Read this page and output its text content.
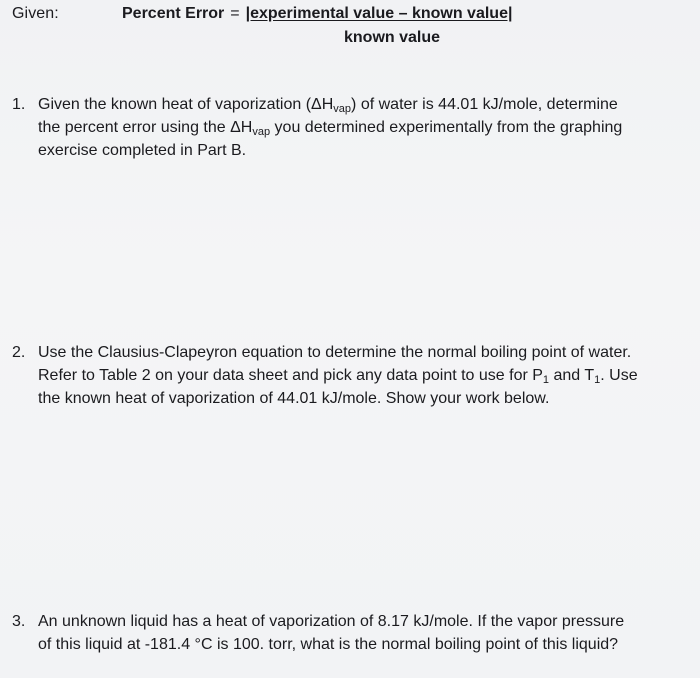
Given:	Percent Error = |experimental value – known value|
known value
1. Given the known heat of vaporization $(\Delta H_{vap})$ of water is 44.01 kJ/mole, determine
the percent error using the $\Delta H_{vap}$ you determined experimentally from the graphing
exercise completed in Part B.
2. Use the Clausius-Clapeyron equation to determine the normal boiling point of water.
Refer to Table 2 on your data sheet and pick any data point to use for $P_1$ and $T_1$. Use
the known heat of vaporization of 44.01 kJ/mole. Show your work below.
3. An unknown liquid has a heat of vaporization of 8.17 kJ/mole. If the vapor pressure
of this liquid at -181.4 °C is 100. torr, what is the normal boiling point of this liquid?
